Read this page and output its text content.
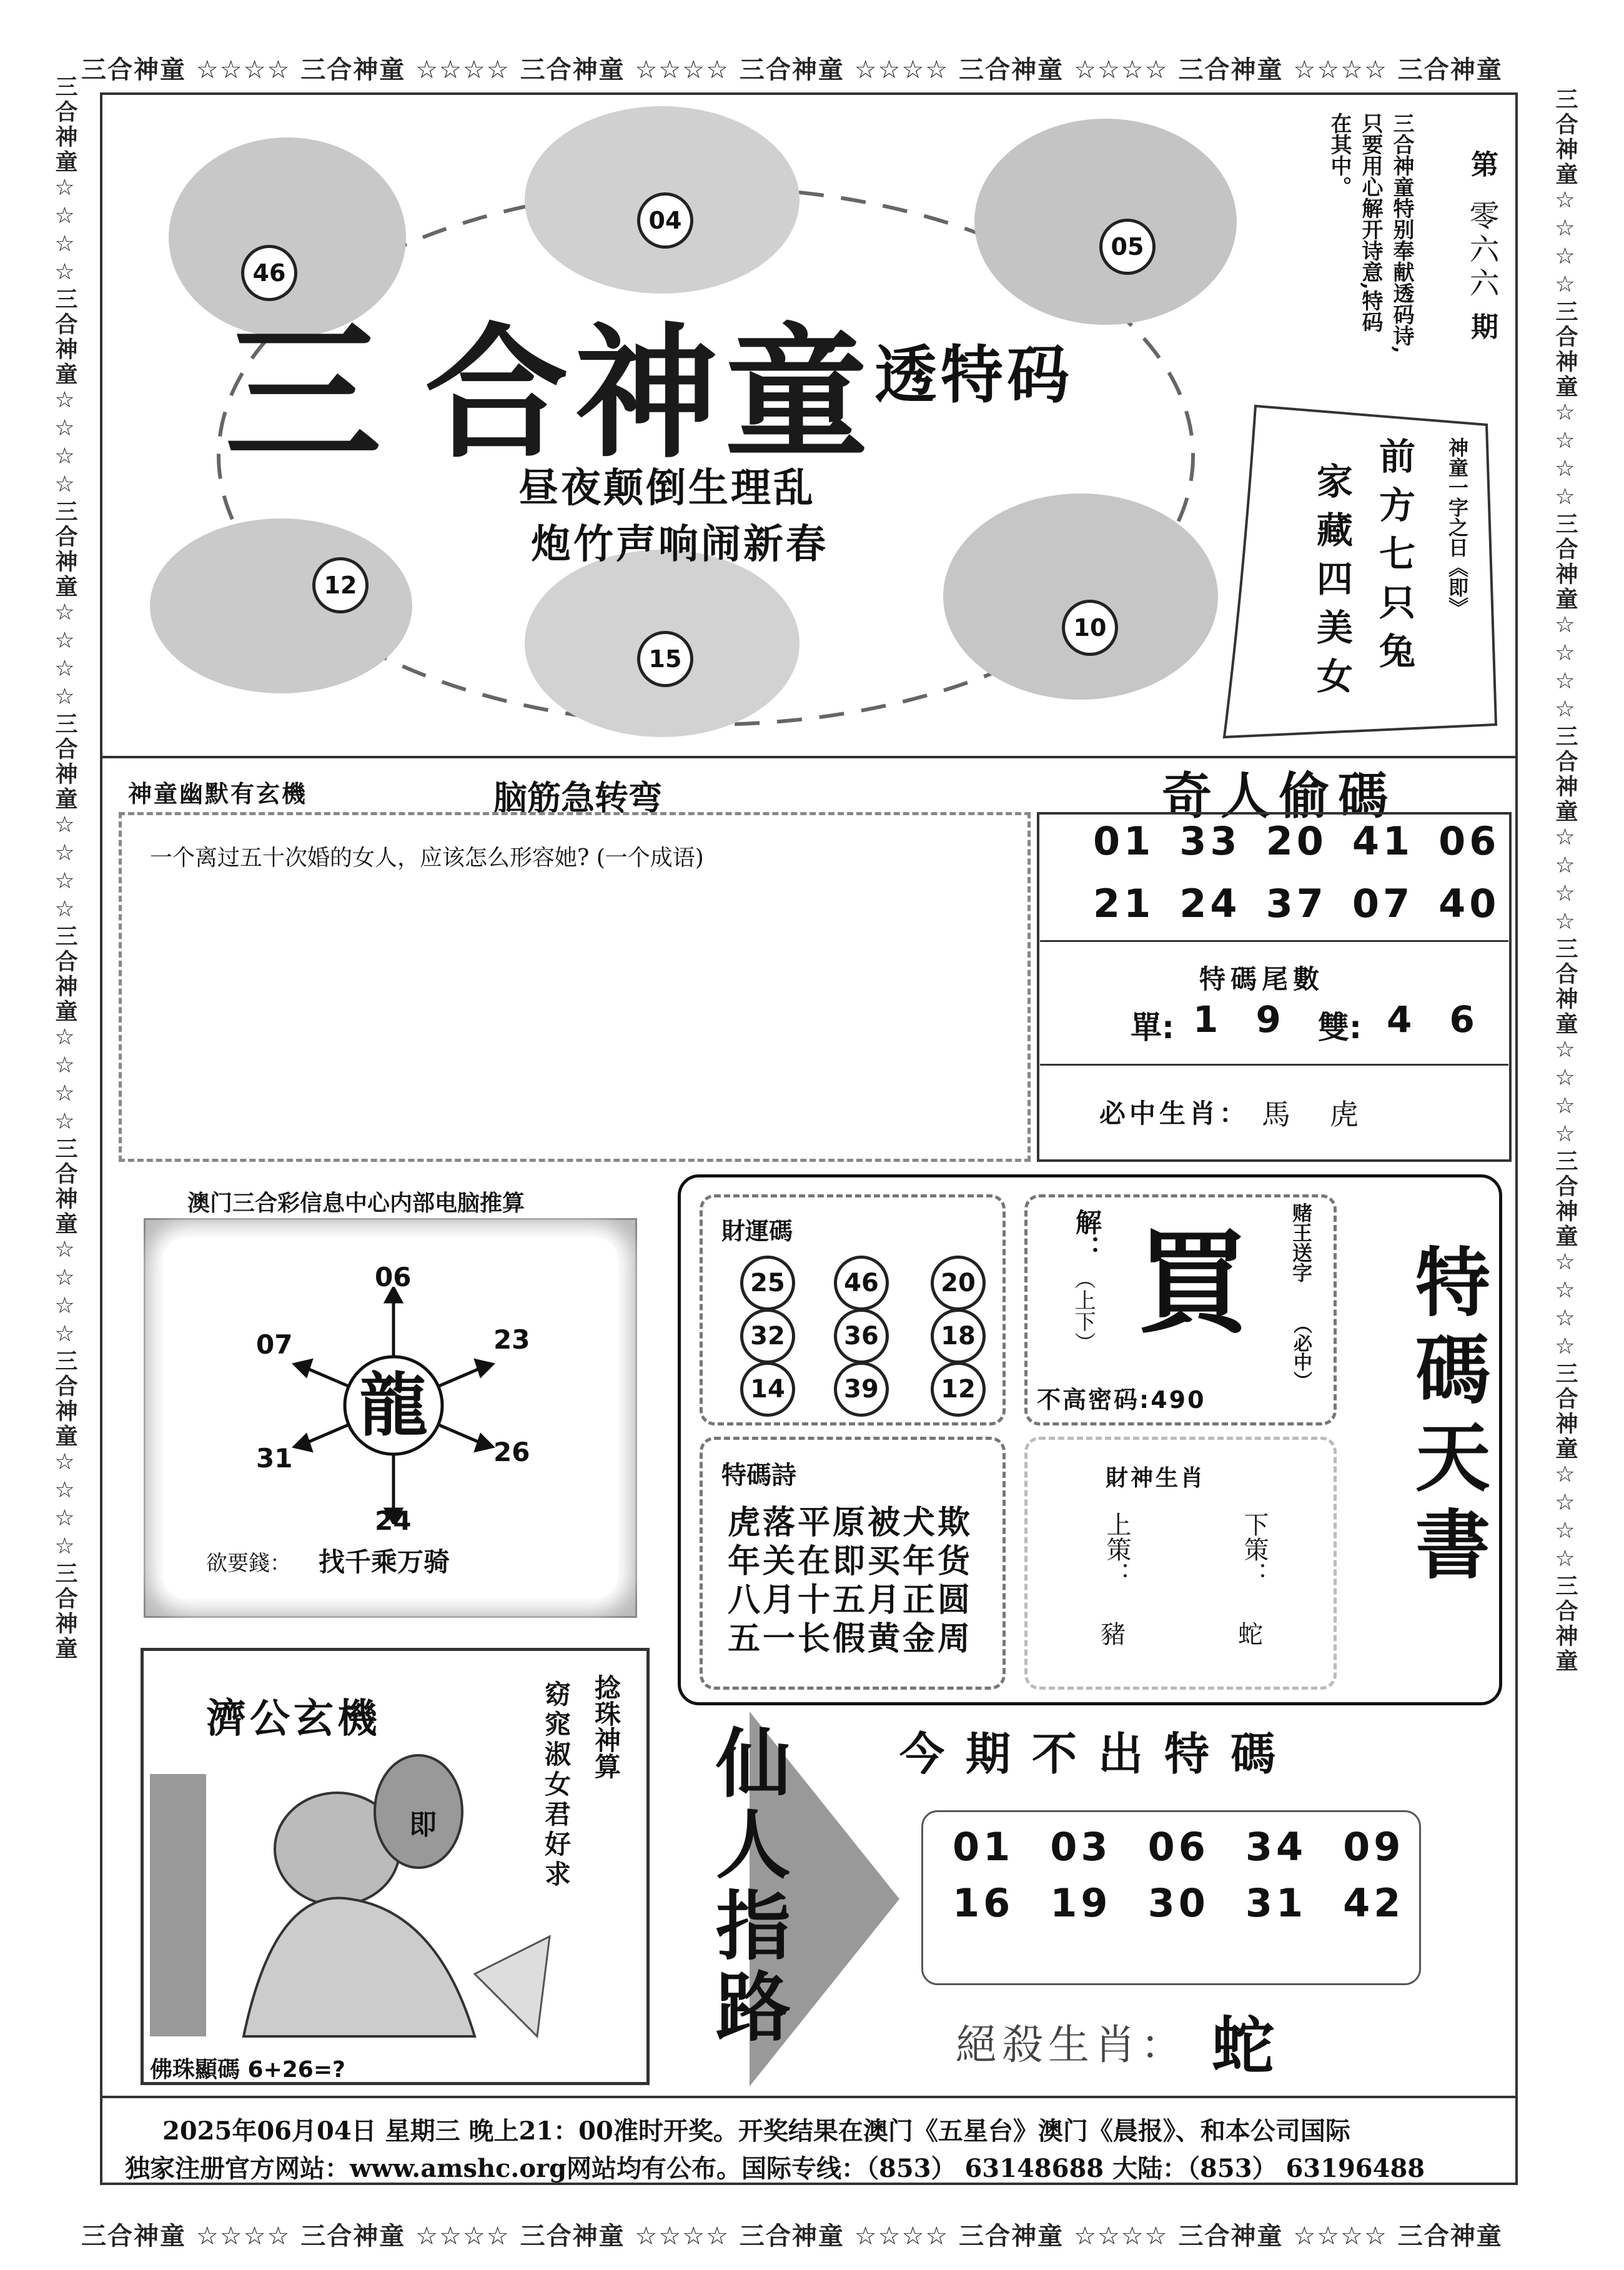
三合神童 ☆☆☆☆ 三合神童 ☆☆☆☆ 三合神童 ☆☆☆☆ 三合神童 ☆☆☆☆ 三合神童 ☆☆☆☆ 三合神童 ☆☆☆☆ 三合神童
三合神童 ☆☆☆☆ 三合神童 ☆☆☆☆ 三合神童 ☆☆☆☆ 三合神童 ☆☆☆☆ 三合神童 ☆☆☆☆ 三合神童 ☆☆☆☆ 三合神童
三合神童☆☆☆☆三合神童☆☆☆☆三合神童☆☆☆☆三合神童☆☆☆☆三合神童☆☆☆☆三合神童☆☆☆☆三合神童☆☆☆☆三合神童	三合神童☆☆☆☆三合神童☆☆☆☆三合神童☆☆☆☆三合神童☆☆☆☆三合神童☆☆☆☆三合神童☆☆☆☆三合神童☆☆☆☆三合神童
46
04
05
12
15
10
三 合神童 透特码
昼夜颠倒生理乱
炮竹声响闹新春
第
零六六
期
三合神童特别奉献透码诗,
只要用心解开诗意,特码
在其中。
神童一字之日《即》
前方七只兔
家藏四美女
神童幽默有玄機	脑筋急转弯
一个离过五十次婚的女人，应该怎么形容她? (一个成语)
奇人偷碼
01 33 20 41 06
21 24 37 07 40
特碼尾數
單: 1 9 雙: 4 6
必中生肖： 馬 虎
澳门三合彩信息中心内部电脑推算
龍
06
07	23
31	26
24
欲要錢： 找千乘万骑
財運碼
25	46	20
32	36	18
14	39	12
解：
（上下） 買 赌王送字
（必中）
不高密码:490	特碼天書
特碼詩
虎落平原被犬欺
年关在即买年货
八月十五月正圆
五一长假黄金周
財神生肖
上策：
豬
下策：
蛇
濟公玄機	捻珠神算
窈窕淑女君好求
即
佛珠顯碼 6+26=?
仙人指路 今期不出特碼
01 03 06 34 09
16 19 30 31 42
絕殺生肖： 蛇
2025年06月04日 星期三 晚上21：00准时开奖。开奖结果在澳门《五星台》澳门《晨报》、和本公司国际
独家注册官方网站：www.amshc.org网站均有公布。国际专线：（853） 63148688 大陆：（853） 63196488
